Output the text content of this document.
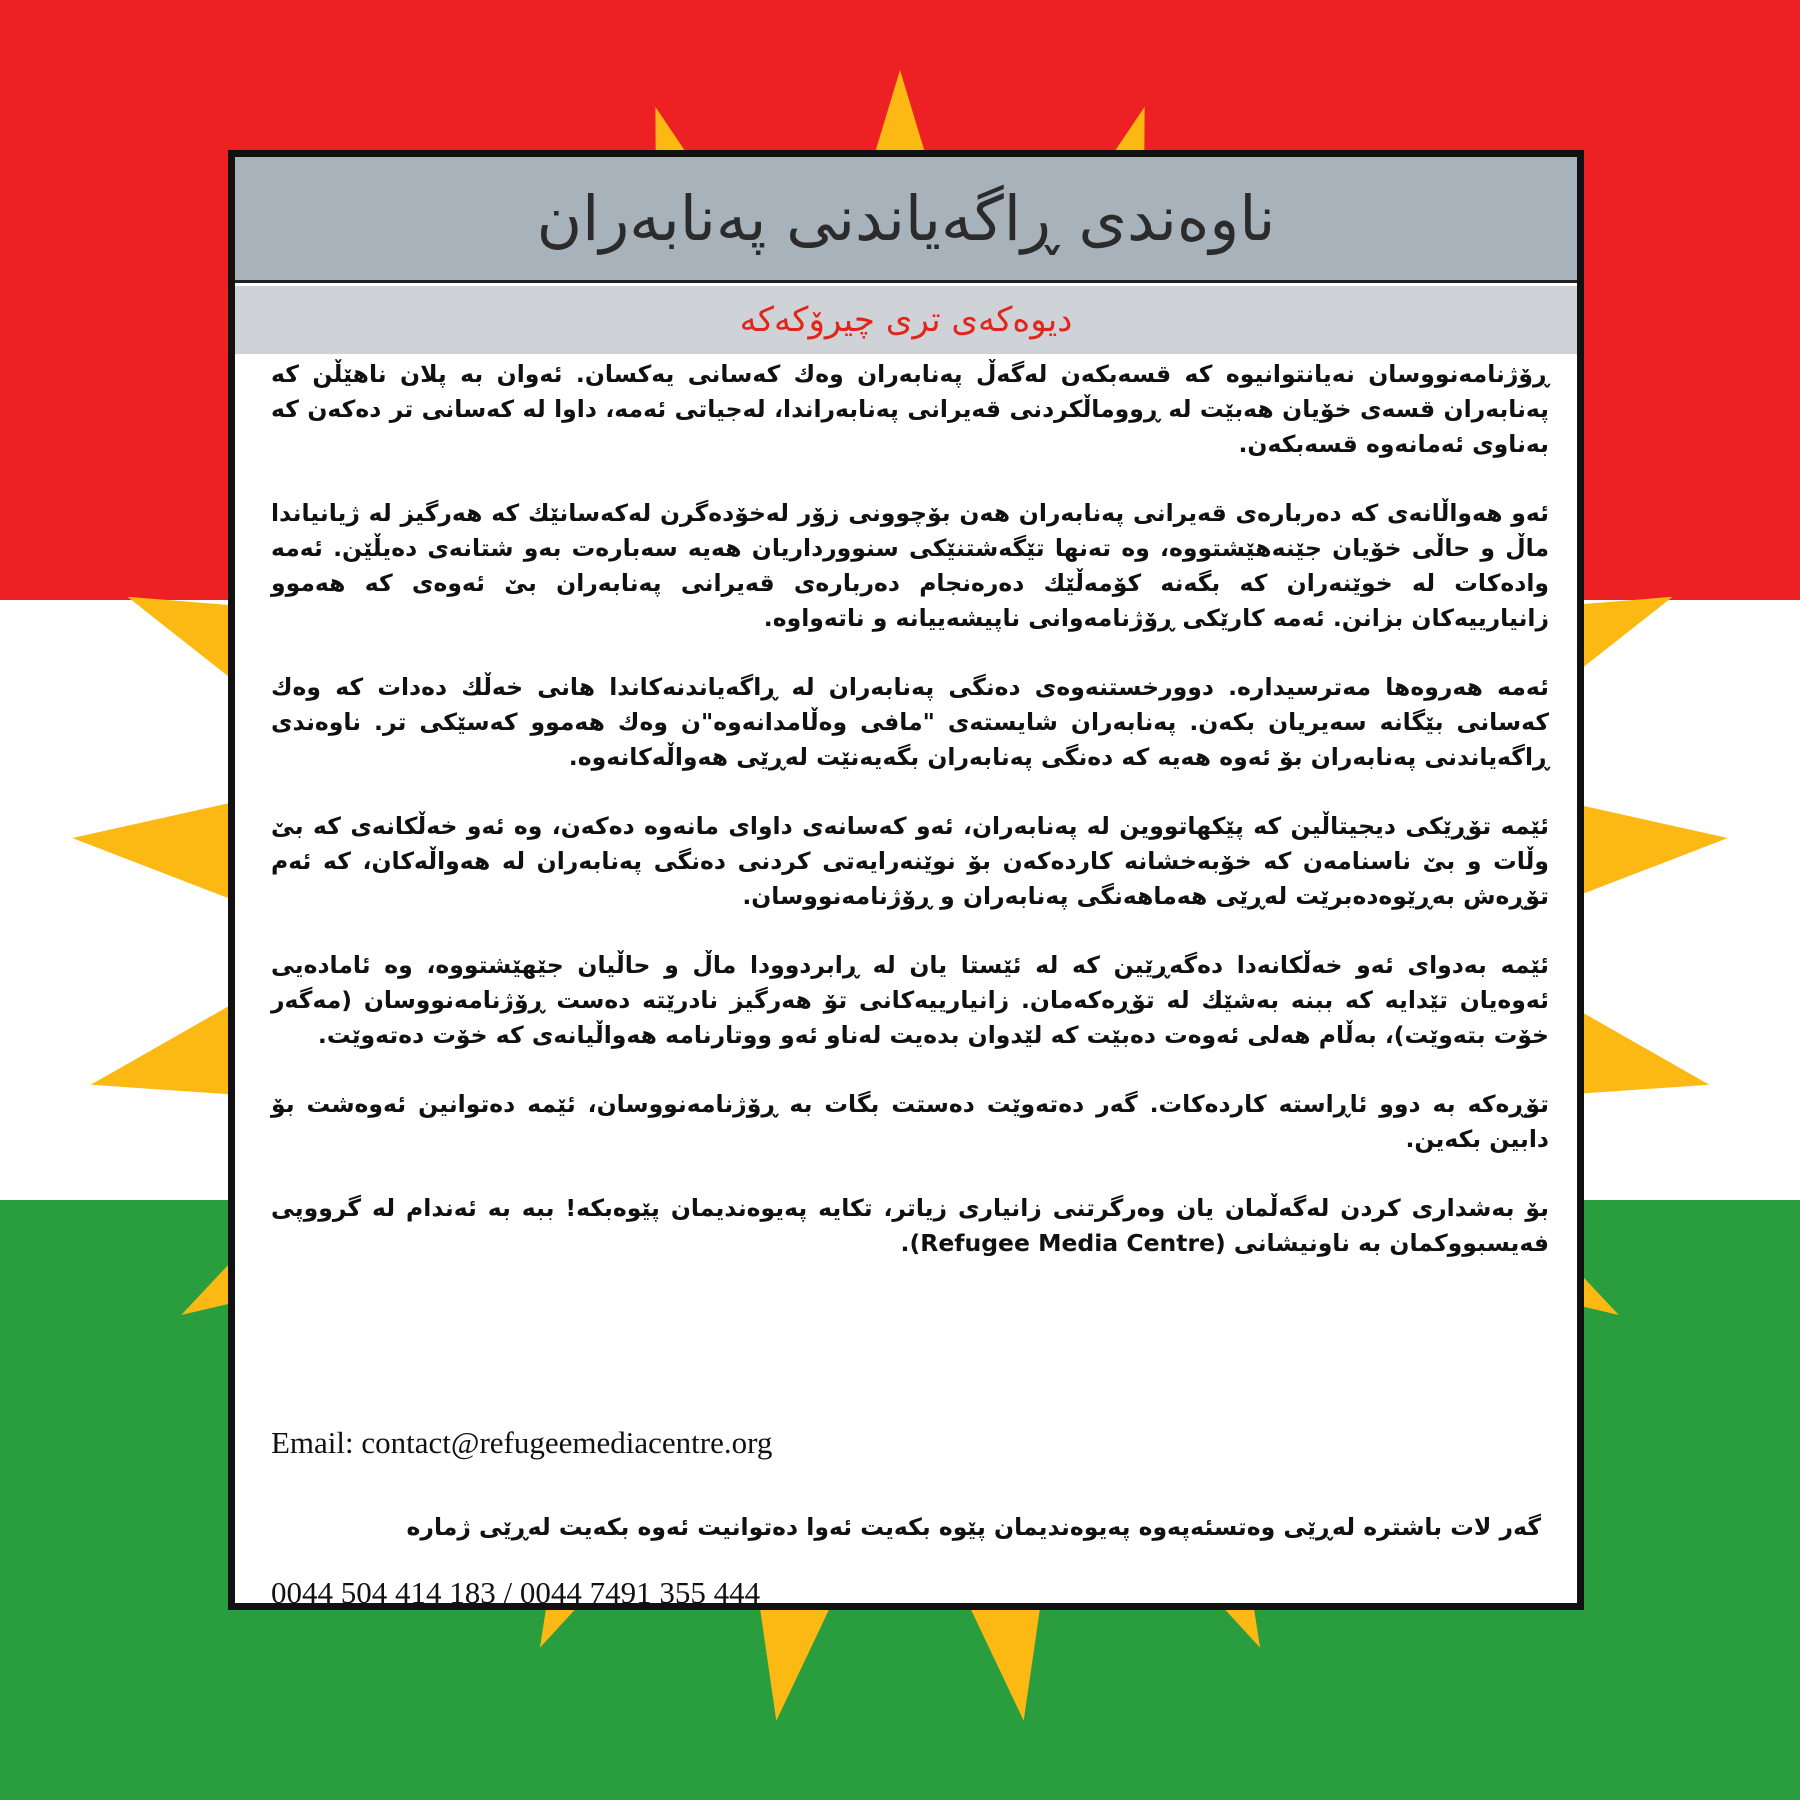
ناوەندی ڕاگەیاندنی پەنابەران
دیوەکەی تری چیرۆکەکە

ڕۆژنامەنووسان نەیانتوانیوە کە قسەبکەن لەگەڵ پەنابەران وەك کەسانی یەکسان. ئەوان بە پلان ناهێڵن کە پەنابەران قسەی خۆیان هەبێت لە ڕووماڵکردنی قەیرانی پەنابەراندا، لەجیاتی ئەمە، داوا لە کەسانی تر دەکەن کە بەناوی ئەمانەوە قسەبکەن.

ئەو هەواڵانەی کە دەربارەی قەیرانی پەنابەران هەن بۆچوونی زۆر لەخۆدەگرن لەکەسانێك کە هەرگیز لە ژیانیاندا ماڵ و حاڵی خۆیان جێنەهێشتووە، وە تەنها تێگەشتنێکی سنوورداریان هەیە سەبارەت بەو شتانەی دەیڵێن. ئەمە وادەکات لە خوێنەران کە بگەنە کۆمەڵێك دەرەنجام دەربارەی قەیرانی پەنابەران بێ ئەوەی کە هەموو زانیارییەکان بزانن. ئەمە کارێکی ڕۆژنامەوانی ناپیشەییانە و ناتەواوە.

ئەمە هەروەها مەترسیدارە. دوورخستنەوەی دەنگی پەنابەران لە ڕاگەیاندنەکاندا هانی خەڵك دەدات کە وەك کەسانی بێگانە سەیریان بکەن. پەنابەران شایستەی "مافی وەڵامدانەوە"ن وەك هەموو کەسێکی تر. ناوەندی ڕاگەیاندنی پەنابەران بۆ ئەوە هەیە کە دەنگی پەنابەران بگەیەنێت لەڕێی هەواڵەکانەوە.

ئێمە تۆڕێکی دیجیتاڵین کە پێکهاتووین لە پەنابەران، ئەو کەسانەی داوای مانەوە دەکەن، وە ئەو خەڵکانەی کە بێ وڵات و بێ ناسنامەن کە خۆبەخشانە کاردەکەن بۆ نوێنەرایەتی کردنی دەنگی پەنابەران لە هەواڵەکان، کە ئەم تۆڕەش بەڕێوەدەبرێت لەڕێی هەماهەنگی پەنابەران و ڕۆژنامەنووسان.

ئێمە بەدوای ئەو خەڵکانەدا دەگەڕێین کە لە ئێستا یان لە ڕابردوودا ماڵ و حاڵیان جێهێشتووە، وە ئامادەیی ئەوەیان تێدایە کە ببنە بەشێك لە تۆڕەکەمان. زانیارییەکانی تۆ هەرگیز نادرێتە دەست ڕۆژنامەنووسان (مەگەر خۆت بتەوێت)، بەڵام هەلی ئەوەت دەبێت کە لێدوان بدەیت لەناو ئەو ووتارنامە هەواڵیانەی کە خۆت دەتەوێت.

تۆڕەکە بە دوو ئاڕاستە کاردەکات. گەر دەتەوێت دەستت بگات بە ڕۆژنامەنووسان، ئێمە دەتوانین ئەوەشت بۆ دابین بکەین.

بۆ بەشداری کردن لەگەڵمان یان وەرگرتنی زانیاری زیاتر، تکایە پەیوەندیمان پێوەبکە! ببە بە ئەندام لە گرووپی فەیسبووکمان بە ناونیشانی (Refugee Media Centre).

Email: contact@refugeemediacentre.org

گەر لات باشترە لەڕێی وەتسئەپەوە پەیوەندیمان پێوە بکەیت ئەوا دەتوانیت ئەوە بکەیت لەڕێی ژمارە

0044 504 414 183 / 0044 7491 355 444
